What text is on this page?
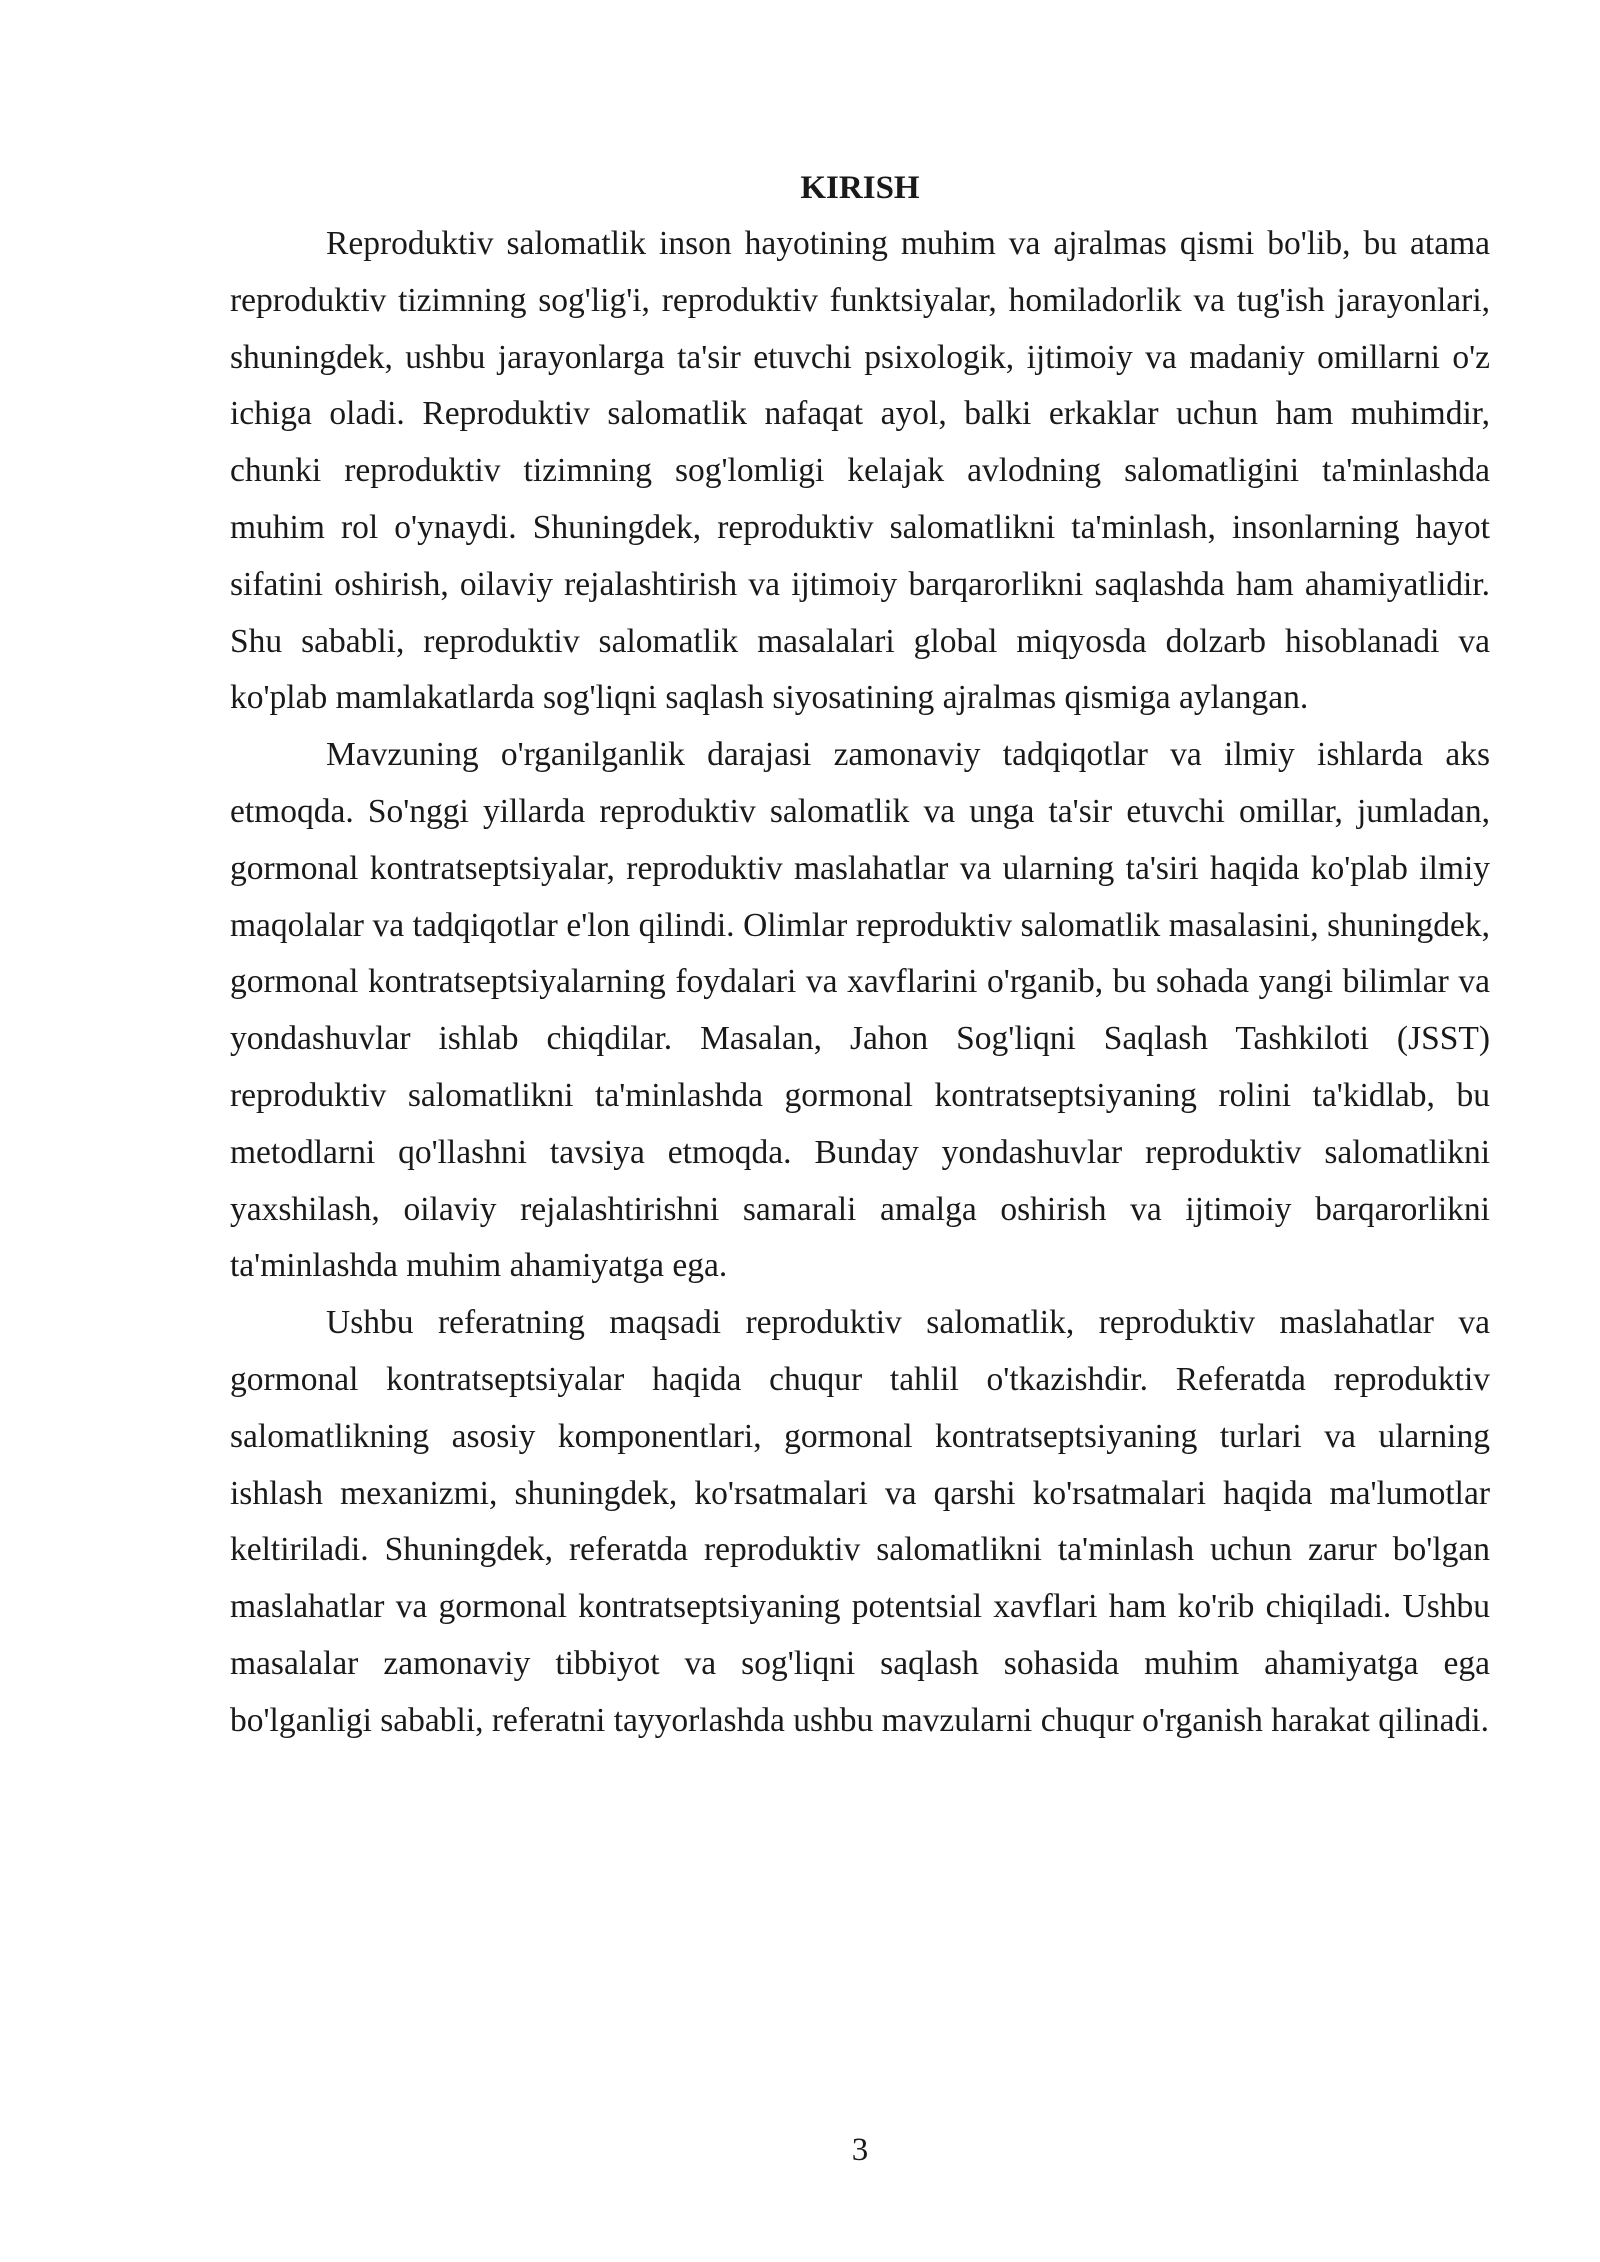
KIRISH

Reproduktiv salomatlik inson hayotining muhim va ajralmas qismi bo'lib, bu atama reproduktiv tizimning sog'lig'i, reproduktiv funktsiyalar, homiladorlik va tug'ish jarayonlari, shuningdek, ushbu jarayonlarga ta'sir etuvchi psixologik, ijtimoiy va madaniy omillarni o'z ichiga oladi. Reproduktiv salomatlik nafaqat ayol, balki erkaklar uchun ham muhimdir, chunki reproduktiv tizimning sog'lomligi kelajak avlodning salomatligini ta'minlashda muhim rol o'ynaydi. Shuningdek, reproduktiv salomatlikni ta'minlash, insonlarning hayot sifatini oshirish, oilaviy rejalashtirish va ijtimoiy barqarorlikni saqlashda ham ahamiyatlidir. Shu sababli, reproduktiv salomatlik masalalari global miqyosda dolzarb hisoblanadi va ko'plab mamlakatlarda sog'liqni saqlash siyosatining ajralmas qismiga aylangan.

Mavzuning o'rganilganlik darajasi zamonaviy tadqiqotlar va ilmiy ishlarda aks etmoqda. So'nggi yillarda reproduktiv salomatlik va unga ta'sir etuvchi omillar, jumladan, gormonal kontratseptsiyalar, reproduktiv maslahatlar va ularning ta'siri haqida ko'plab ilmiy maqolalar va tadqiqotlar e'lon qilindi. Olimlar reproduktiv salomatlik masalasini, shuningdek, gormonal kontratseptsiyalarning foydalari va xavflarini o'rganib, bu sohada yangi bilimlar va yondashuvlar ishlab chiqdilar. Masalan, Jahon Sog'liqni Saqlash Tashkiloti (JSST) reproduktiv salomatlikni ta'minlashda gormonal kontratseptsiyaning rolini ta'kidlab, bu metodlarni qo'llashni tavsiya etmoqda. Bunday yondashuvlar reproduktiv salomatlikni yaxshilash, oilaviy rejalashtirishni samarali amalga oshirish va ijtimoiy barqarorlikni ta'minlashda muhim ahamiyatga ega.

Ushbu referatning maqsadi reproduktiv salomatlik, reproduktiv maslahatlar va gormonal kontratseptsiyalar haqida chuqur tahlil o'tkazishdir. Referatda reproduktiv salomatlikning asosiy komponentlari, gormonal kontratseptsiyaning turlari va ularning ishlash mexanizmi, shuningdek, ko'rsatmalari va qarshi ko'rsatmalari haqida ma'lumotlar keltiriladi. Shuningdek, referatda reproduktiv salomatlikni ta'minlash uchun zarur bo'lgan maslahatlar va gormonal kontratseptsiyaning potentsial xavflari ham ko'rib chiqiladi. Ushbu masalalar zamonaviy tibbiyot va sog'liqni saqlash sohasida muhim ahamiyatga ega bo'lganligi sababli, referatni tayyorlashda ushbu mavzularni chuqur o'rganish harakat qilinadi.

3
